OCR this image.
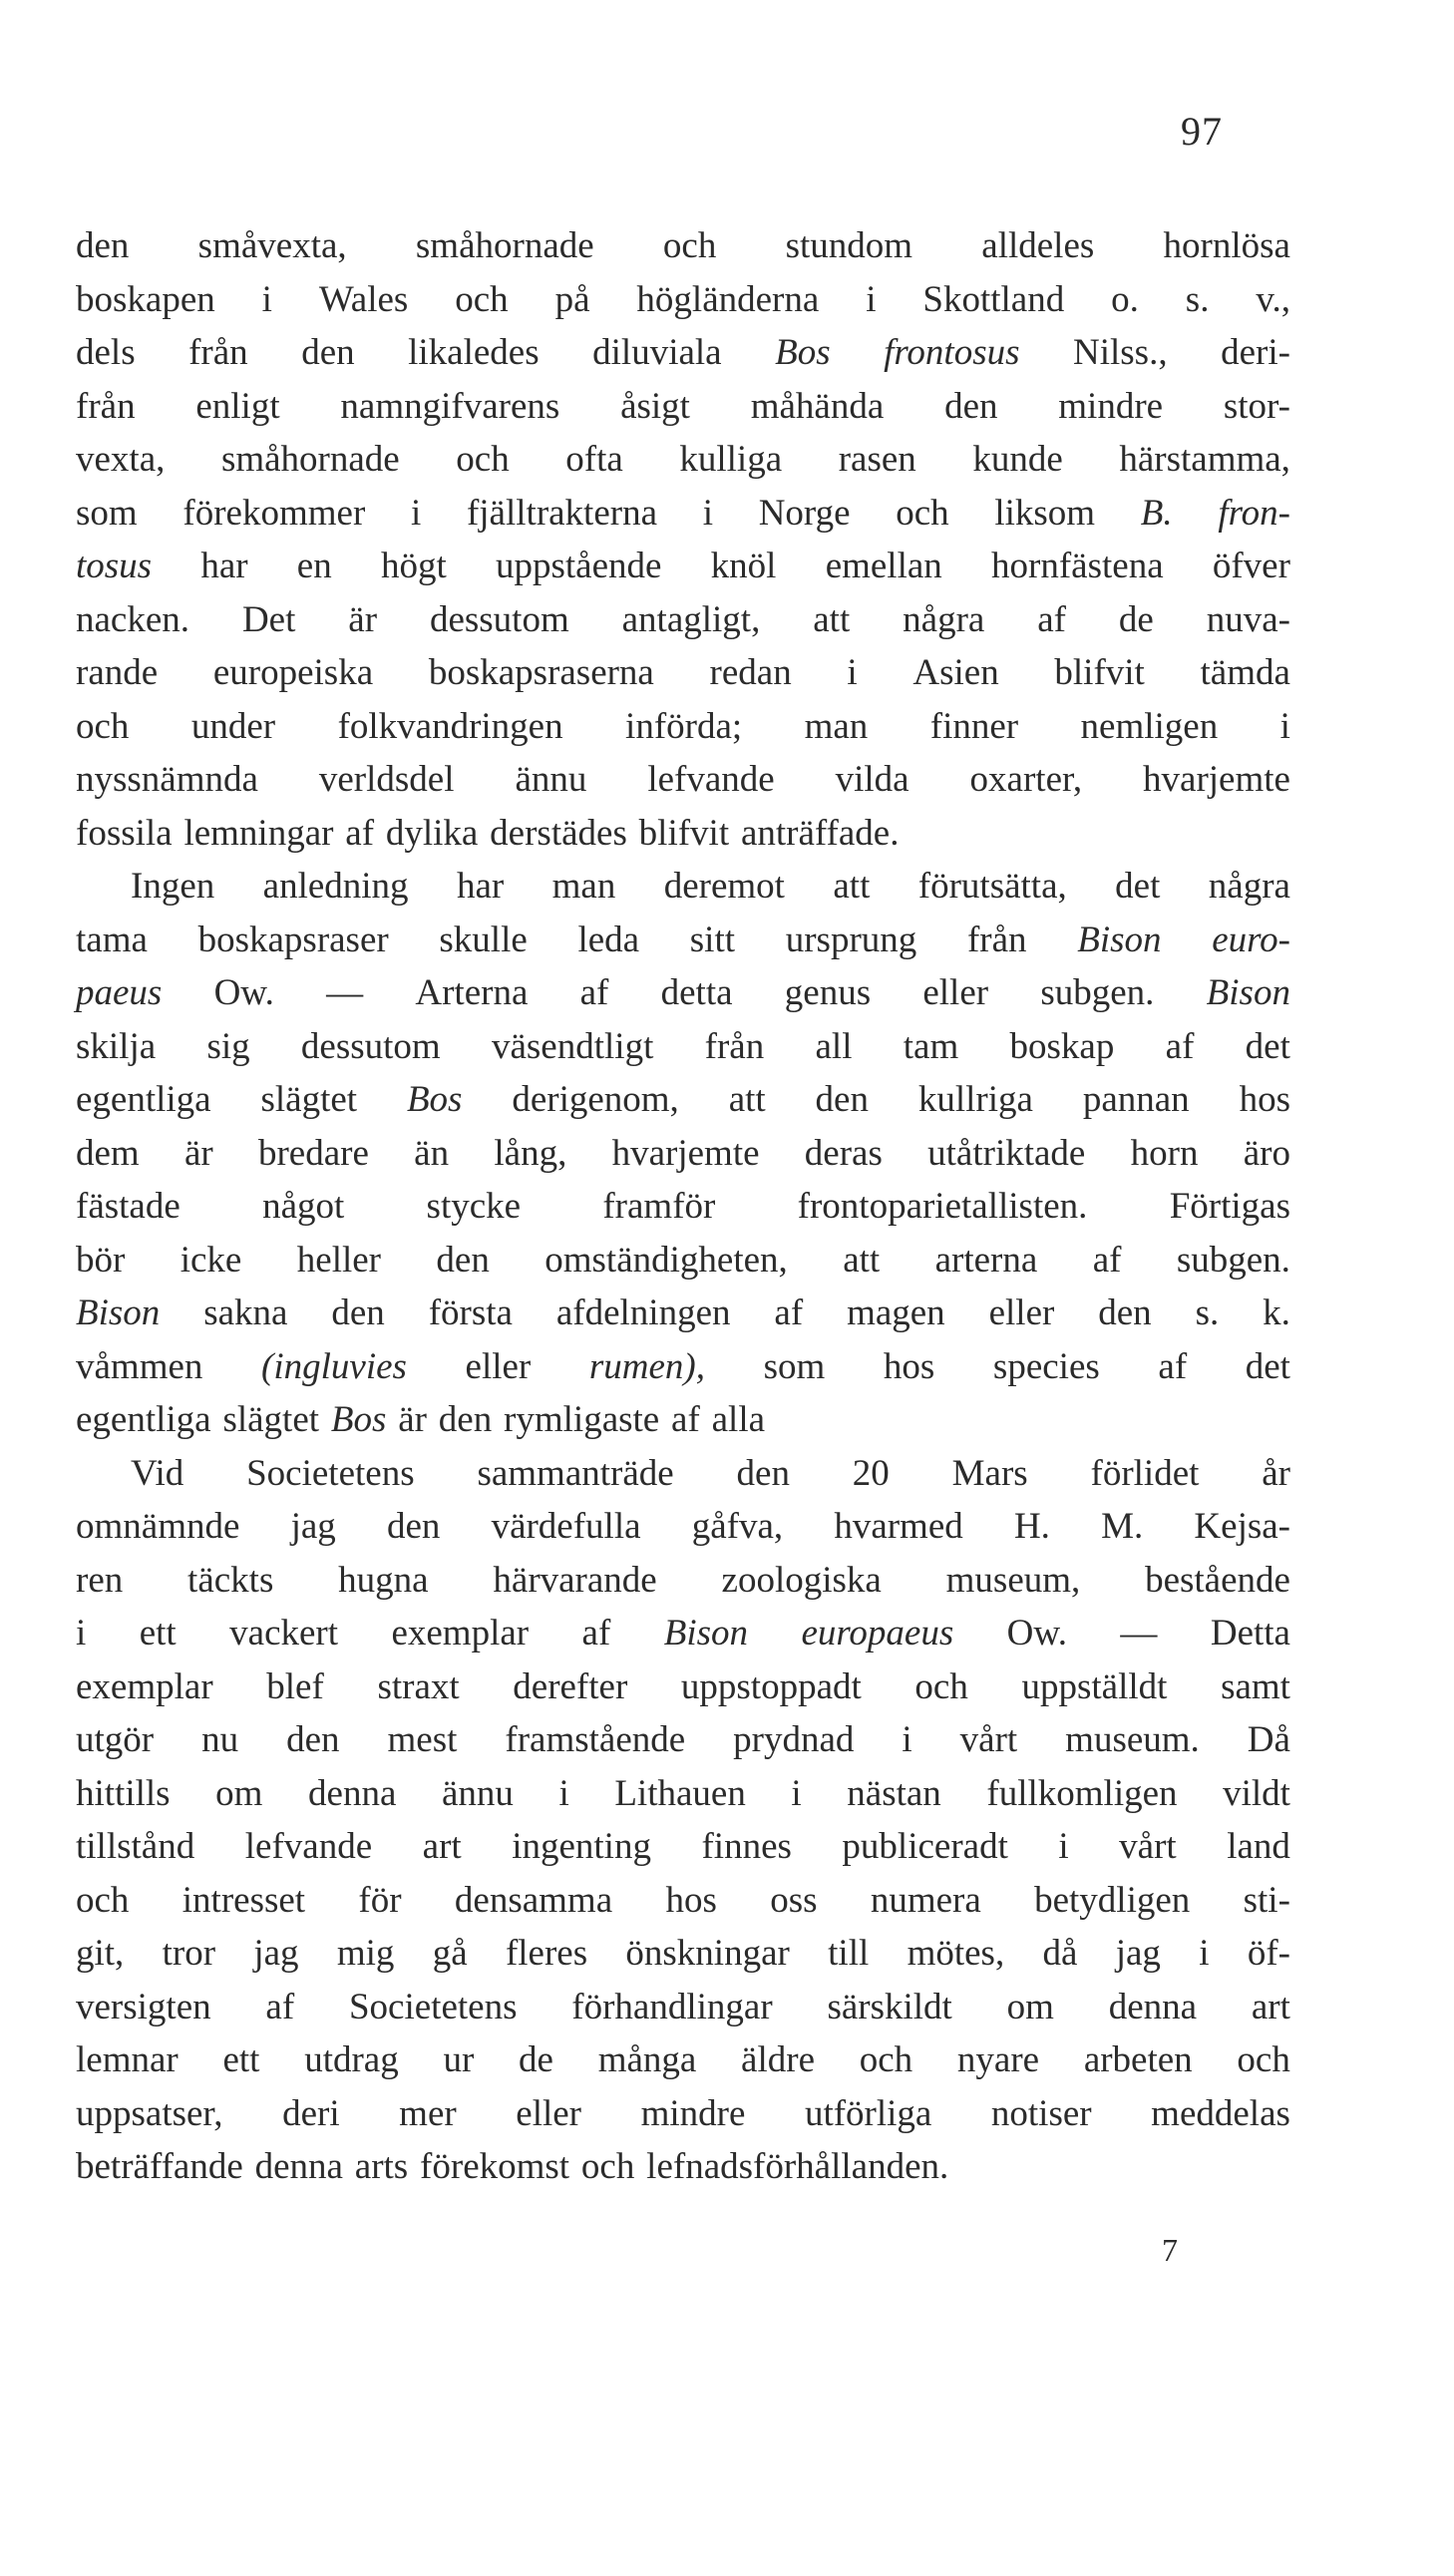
97
den småvexta, småhornade och stundom alldeles hornlösa
boskapen i Wales och på högländerna i Skottland o. s. v.,
dels från den likaledes diluviala Bos frontosus Nilss., deri-
från enligt namngifvarens åsigt måhända den mindre stor-
vexta, småhornade och ofta kulliga rasen kunde härstamma,
som förekommer i fjälltrakterna i Norge och liksom B. fron-
tosus har en högt uppstående knöl emellan hornfästena öfver
nacken. Det är dessutom antagligt, att några af de nuva-
rande europeiska boskapsraserna redan i Asien blifvit tämda
och under folkvandringen införda; man finner nemligen i
nyssnämnda verldsdel ännu lefvande vilda oxarter, hvarjemte
fossila lemningar af dylika derstädes blifvit anträffade.
Ingen anledning har man deremot att förutsätta, det några
tama boskapsraser skulle leda sitt ursprung från Bison euro-
paeus Ow. — Arterna af detta genus eller subgen. Bison
skilja sig dessutom väsendtligt från all tam boskap af det
egentliga slägtet Bos derigenom, att den kullriga pannan hos
dem är bredare än lång, hvarjemte deras utåtriktade horn äro
fästade något stycke framför frontoparietallisten. Förtigas
bör icke heller den omständigheten, att arterna af subgen.
Bison sakna den första afdelningen af magen eller den s. k.
våmmen (ingluvies eller rumen), som hos species af det
egentliga slägtet Bos är den rymligaste af alla
Vid Societetens sammanträde den 20 Mars förlidet år
omnämnde jag den värdefulla gåfva, hvarmed H. M. Kejsa-
ren täckts hugna härvarande zoologiska museum, bestående
i ett vackert exemplar af Bison europaeus Ow. — Detta
exemplar blef straxt derefter uppstoppadt och uppställdt samt
utgör nu den mest framstående prydnad i vårt museum. Då
hittills om denna ännu i Lithauen i nästan fullkomligen vildt
tillstånd lefvande art ingenting finnes publiceradt i vårt land
och intresset för densamma hos oss numera betydligen sti-
git, tror jag mig gå fleres önskningar till mötes, då jag i öf-
versigten af Societetens förhandlingar särskildt om denna art
lemnar ett utdrag ur de många äldre och nyare arbeten och
uppsatser, deri mer eller mindre utförliga notiser meddelas
beträffande denna arts förekomst och lefnadsförhållanden.
7
